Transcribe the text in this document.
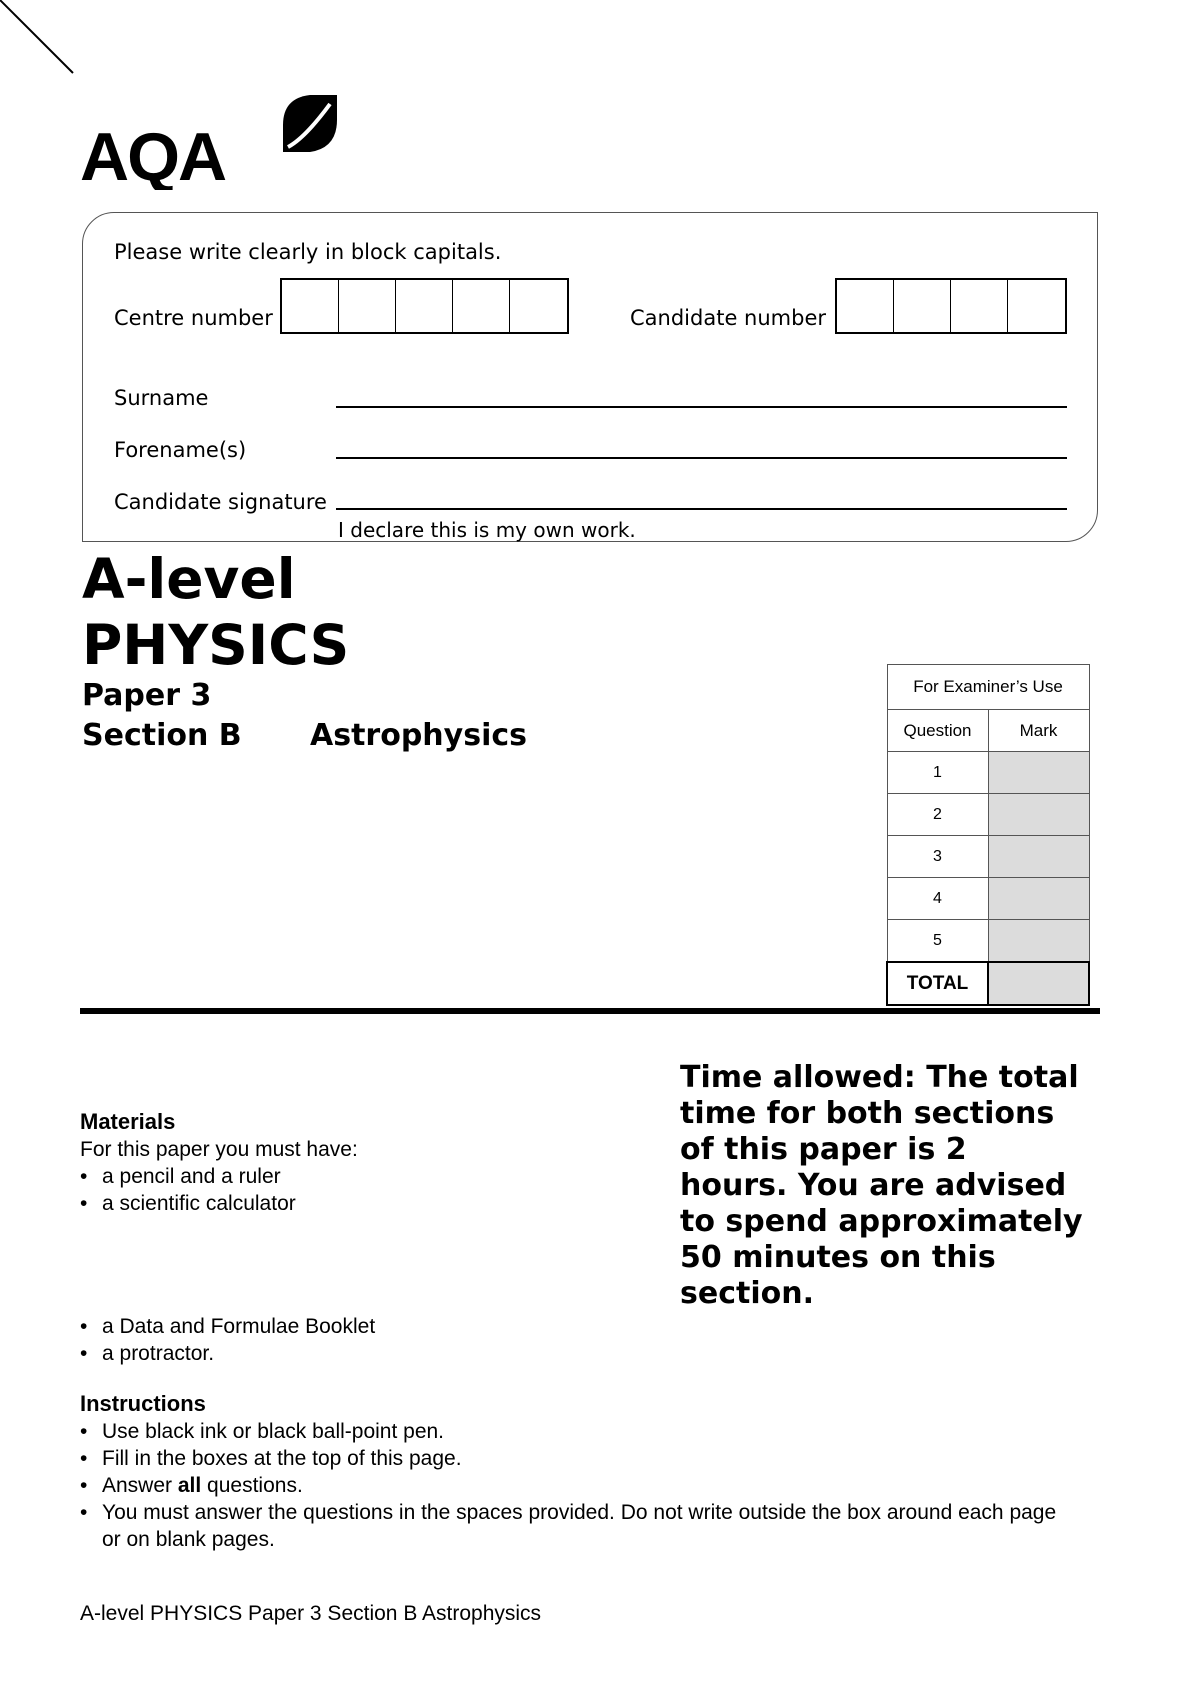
AQA
Please write clearly in block capitals.
Centre number	Candidate number
Surname
Forename(s)
Candidate signature
I declare this is my own work.
A-level
PHYSICS
Paper 3
Section B Astrophysics
For Examiner’s Use	
Question	Mark
1	
2	
3	
4	
5	
TOTAL	
Time allowed: The total
time for both sections
of this paper is 2
hours. You are advised
to spend approximately
50 minutes on this
section.
Materials
For this paper you must have:
• a pencil and a ruler
• a scientific calculator
• a Data and Formulae Booklet
• a protractor.
Instructions
• Use black ink or black ball-point pen.
• Fill in the boxes at the top of this page.
• Answer all questions.
• You must answer the questions in the spaces provided. Do not write outside the box around each page or on blank pages.
A-level PHYSICS Paper 3 Section B Astrophysics
